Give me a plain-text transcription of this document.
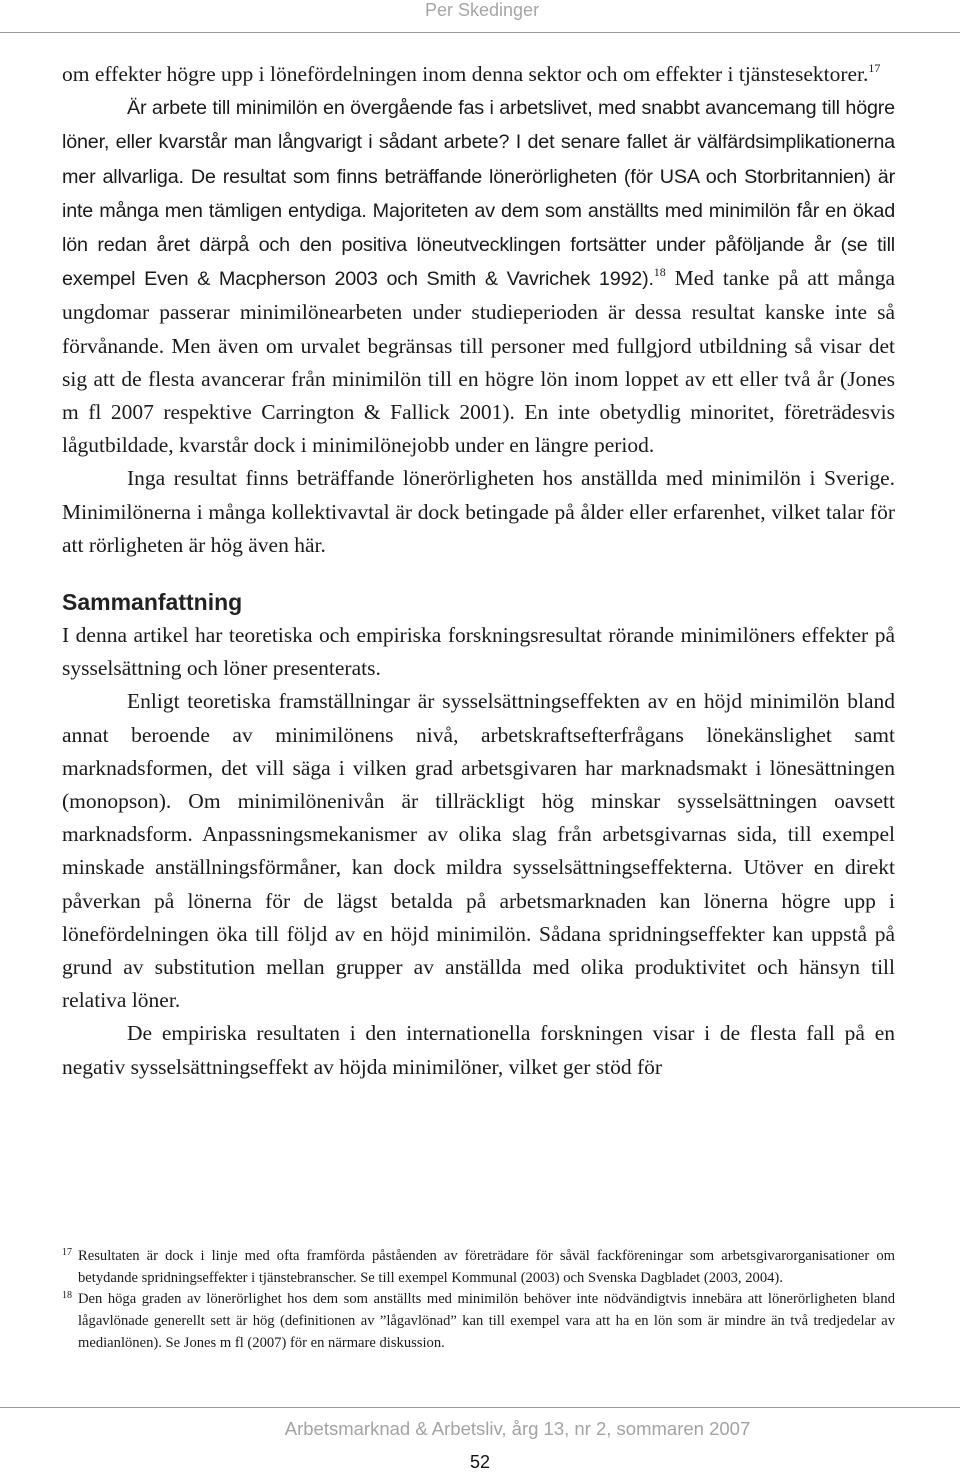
Per Skedinger

om effekter högre upp i lönefördelningen inom denna sektor och om effekter i tjänstesektorer.$^{17}$

Är arbete till minimilön en övergående fas i arbetslivet, med snabbt avancemang till högre löner, eller kvarstår man långvarigt i sådant arbete? I det senare fallet är välfärdsimplikationerna mer allvarliga. De resultat som finns beträffande lönerörligheten (för USA och Storbritannien) är inte många men tämligen entydiga. Majoriteten av dem som anställts med minimilön får en ökad lön redan året därpå och den positiva löneutvecklingen fortsätter under påföljande år (se till exempel Even & Macpherson 2003 och Smith & Vavrichek 1992).$^{18}$ Med tanke på att många ungdomar passerar minimilönearbeten under studieperioden är dessa resultat kanske inte så förvånande. Men även om urvalet begränsas till personer med fullgjord utbildning så visar det sig att de flesta avancerar från minimilön till en högre lön inom loppet av ett eller två år (Jones m fl 2007 respektive Carrington & Fallick 2001). En inte obetydlig minoritet, företrädesvis lågutbildade, kvarstår dock i minimilönejobb under en längre period.

Inga resultat finns beträffande lönerörligheten hos anställda med minimilön i Sverige. Minimilönerna i många kollektivavtal är dock betingade på ålder eller erfarenhet, vilket talar för att rörligheten är hög även här.

Sammanfattning

I denna artikel har teoretiska och empiriska forskningsresultat rörande minimilöners effekter på sysselsättning och löner presenterats.

Enligt teoretiska framställningar är sysselsättningseffekten av en höjd minimilön bland annat beroende av minimilönens nivå, arbetskraftsefterfrågans lönekänslighet samt marknadsformen, det vill säga i vilken grad arbetsgivaren har marknadsmakt i lönesättningen (monopson). Om minimilönenivån är tillräckligt hög minskar sysselsättningen oavsett marknadsform. Anpassningsmekanismer av olika slag från arbetsgivarnas sida, till exempel minskade anställningsförmåner, kan dock mildra sysselsättningseffekterna. Utöver en direkt påverkan på lönerna för de lägst betalda på arbetsmarknaden kan lönerna högre upp i lönefördelningen öka till följd av en höjd minimilön. Sådana spridningseffekter kan uppstå på grund av substitution mellan grupper av anställda med olika produktivitet och hänsyn till relativa löner.

De empiriska resultaten i den internationella forskningen visar i de flesta fall på en negativ sysselsättningseffekt av höjda minimilöner, vilket ger stöd för

17 Resultaten är dock i linje med ofta framförda påståenden av företrädare för såväl fackföreningar som arbetsgivarorganisationer om betydande spridningseffekter i tjänstebranscher. Se till exempel Kommunal (2003) och Svenska Dagbladet (2003, 2004).
18 Den höga graden av lönerörlighet hos dem som anställts med minimilön behöver inte nödvändigtvis innebära att lönerörligheten bland lågavlönade generellt sett är hög (definitionen av ”lågavlönad” kan till exempel vara att ha en lön som är mindre än två tredjedelar av medianlönen). Se Jones m fl (2007) för en närmare diskussion.
Arbetsmarknad & Arbetsliv, årg 13, nr 2, sommaren 2007
52
